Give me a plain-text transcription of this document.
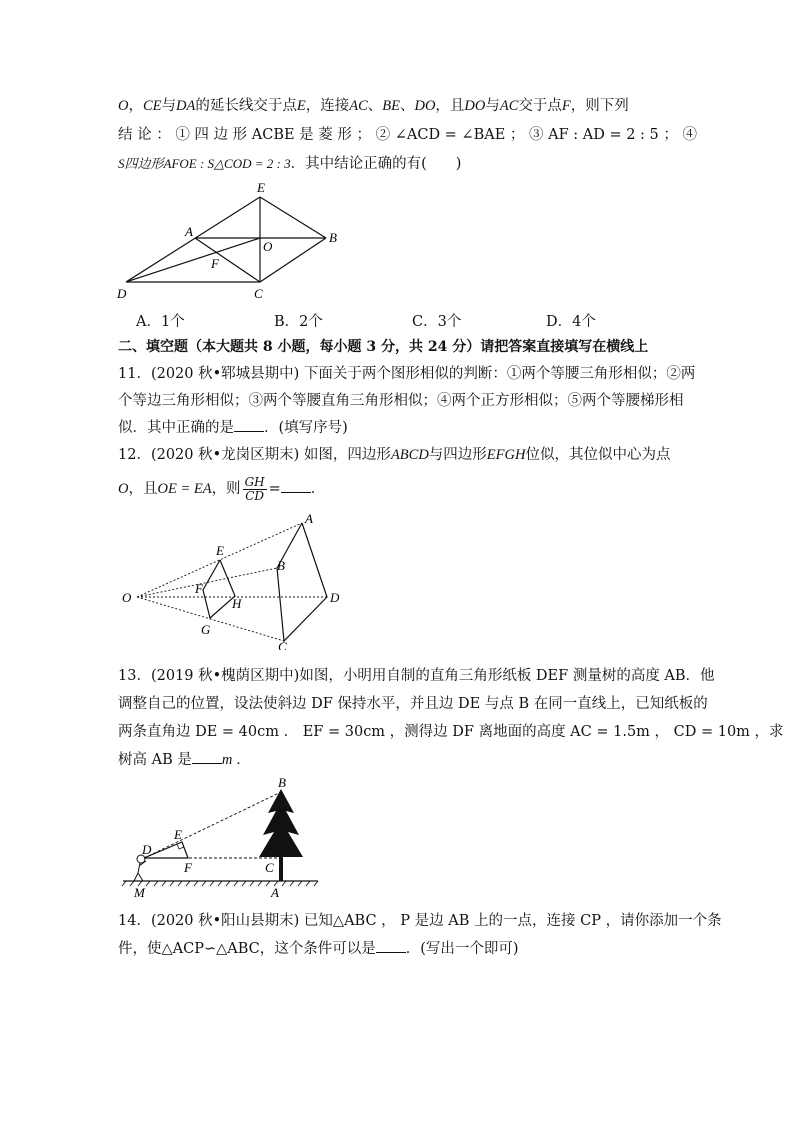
O，CE与DA的延长线交于点E，连接AC、BE、DO，且DO与AC交于点F，则下列
结 论 ： ① 四 边 形 ACBE 是 菱 形 ； ② ∠ACD = ∠BAE ； ③ AF : AD = 2 : 5 ； ④
S四边形AFOE : S△COD = 2 : 3．其中结论正确的有(　　)
E
A
O
B
F
D	C
A．1个	B．2个	C．3个	D．4个
二、填空题（本大题共 8 小题，每小题 3 分，共 24 分）请把答案直接填写在横线上
11．(2020 秋•郓城县期中) 下面关于两个图形相似的判断：①两个等腰三角形相似；②两
个等边三角形相似；③两个等腰直角三角形相似；④两个正方形相似；⑤两个等腰梯形相
似．其中正确的是 ．(填写序号)
12．(2020 秋•龙岗区期末) 如图，四边形ABCD与四边形EFGH位似，其位似中心为点
O，且OE = EA，则 $\frac{GH}{CD}$ = ．
A
E
B
O
F
H	D
G
C
13．(2019 秋•槐荫区期中)如图，小明用自制的直角三角形纸板 DEF 测量树的高度 AB．他
调整自己的位置，设法使斜边 DF 保持水平，并且边 DE 与点 B 在同一直线上，已知纸板的
两条直角边 DE = 40cm ． EF = 30cm ，测得边 DF 离地面的高度 AC = 1.5m ， CD = 10m ，求
树高 AB 是 m ．
B
E
D
F	C
M	A
14．(2020 秋•阳山县期末) 已知△ABC ， P 是边 AB 上的一点，连接 CP ，请你添加一个条
件，使△ACP∽△ABC，这个条件可以是 ．(写出一个即可)
